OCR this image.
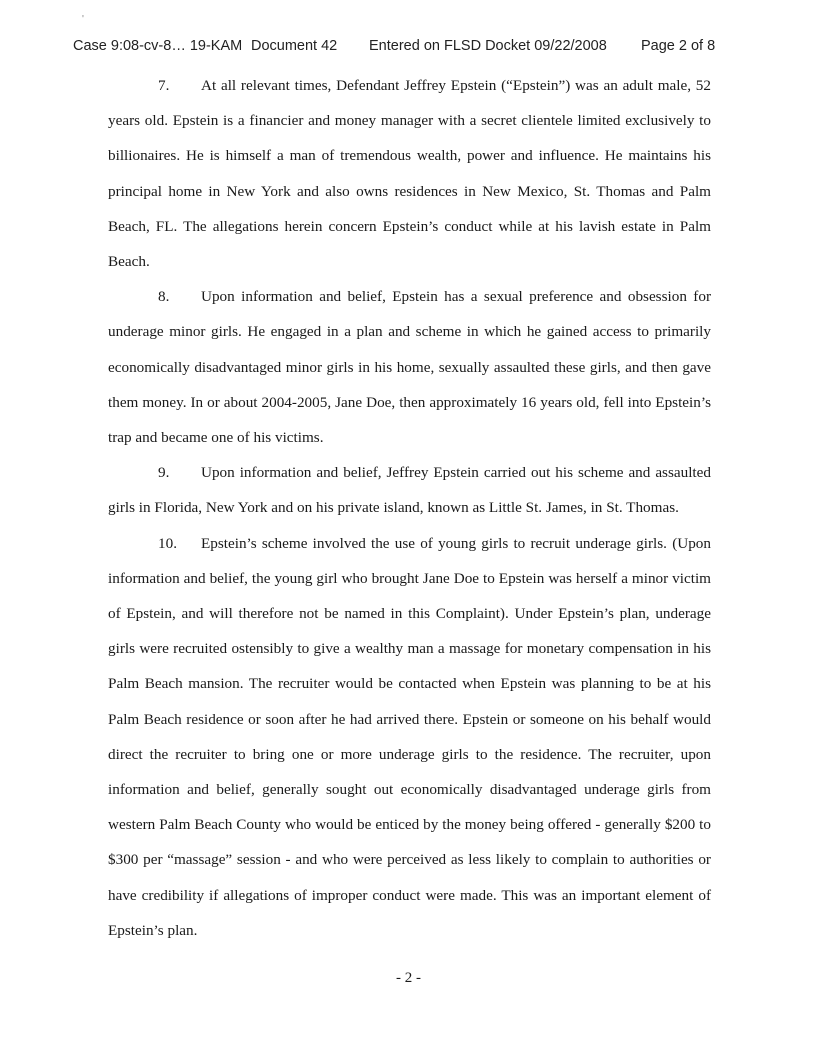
'
Case 9:08-cv-8… 19-KAM Document 42 Entered on FLSD Docket 09/22/2008 Page 2 of 8

7. At all relevant times, Defendant Jeffrey Epstein (“Epstein”) was an adult male, 52 years old. Epstein is a financier and money manager with a secret clientele limited exclusively to billionaires. He is himself a man of tremendous wealth, power and influence. He maintains his principal home in New York and also owns residences in New Mexico, St. Thomas and Palm Beach, FL. The allegations herein concern Epstein’s conduct while at his lavish estate in Palm Beach.

8. Upon information and belief, Epstein has a sexual preference and obsession for underage minor girls. He engaged in a plan and scheme in which he gained access to primarily economically disadvantaged minor girls in his home, sexually assaulted these girls, and then gave them money. In or about 2004-2005, Jane Doe, then approximately 16 years old, fell into Epstein’s trap and became one of his victims.

9. Upon information and belief, Jeffrey Epstein carried out his scheme and assaulted girls in Florida, New York and on his private island, known as Little St. James, in St. Thomas.

10. Epstein’s scheme involved the use of young girls to recruit underage girls. (Upon information and belief, the young girl who brought Jane Doe to Epstein was herself a minor victim of Epstein, and will therefore not be named in this Complaint). Under Epstein’s plan, underage girls were recruited ostensibly to give a wealthy man a massage for monetary compensation in his Palm Beach mansion. The recruiter would be contacted when Epstein was planning to be at his Palm Beach residence or soon after he had arrived there. Epstein or someone on his behalf would direct the recruiter to bring one or more underage girls to the residence. The recruiter, upon information and belief, generally sought out economically disadvantaged underage girls from western Palm Beach County who would be enticed by the money being offered - generally $200 to $300 per “massage” session - and who were perceived as less likely to complain to authorities or have credibility if allegations of improper conduct were made. This was an important element of Epstein’s plan.

- 2 -
